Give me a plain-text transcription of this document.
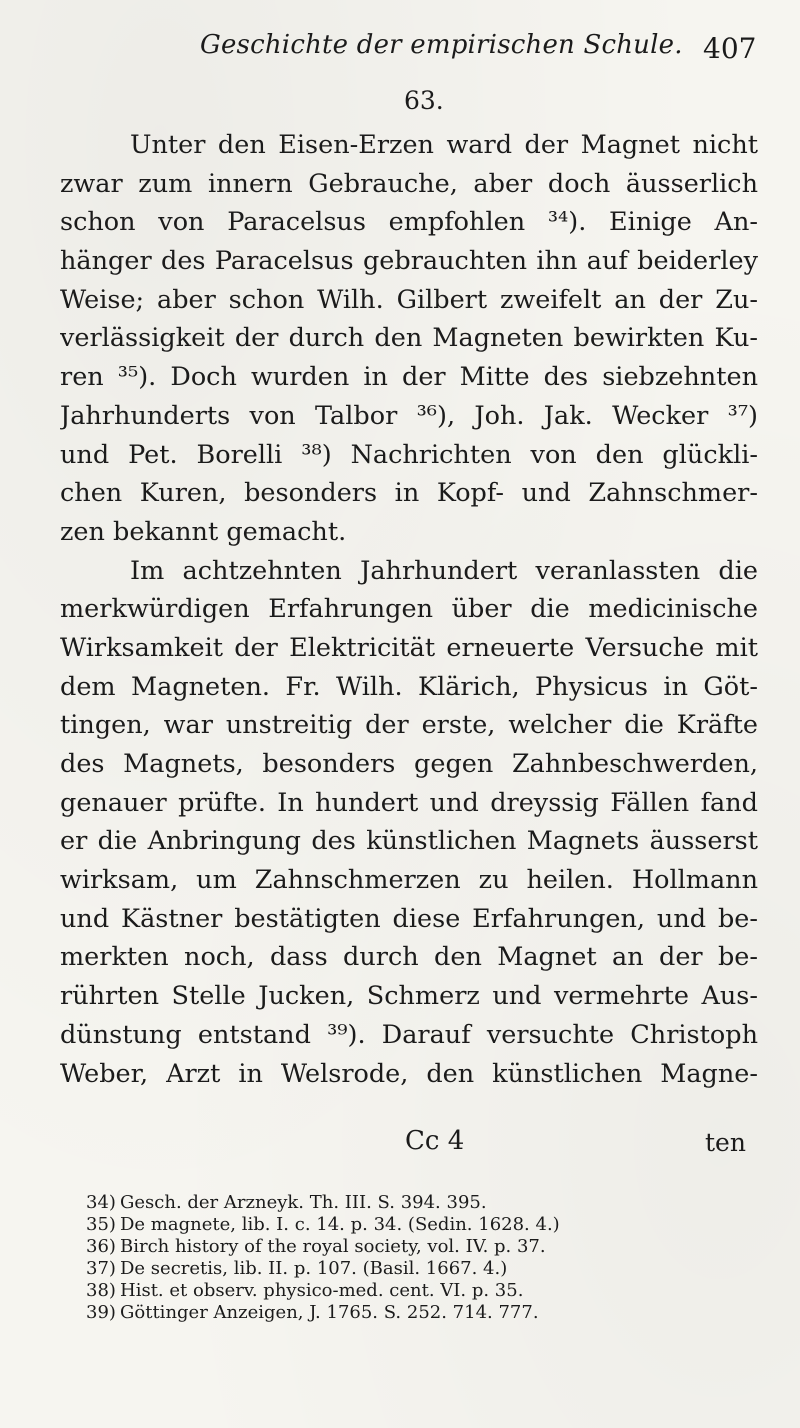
Geschichte der empirischen Schule. 407
63.
Unter den Eisen-Erzen ward der Magnet nicht
zwar zum innern Gebrauche, aber doch äusserlich
schon von Paracelsus empfohlen ³⁴). Einige An-
hänger des Paracelsus gebrauchten ihn auf beiderley
Weise; aber schon Wilh. Gilbert zweifelt an der Zu-
verlässigkeit der durch den Magneten bewirkten Ku-
ren ³⁵). Doch wurden in der Mitte des siebzehnten
Jahrhunderts von Talbor ³⁶), Joh. Jak. Wecker ³⁷)
und Pet. Borelli ³⁸) Nachrichten von den glückli-
chen Kuren, besonders in Kopf- und Zahnschmer-
zen bekannt gemacht.
Im achtzehnten Jahrhundert veranlassten die
merkwürdigen Erfahrungen über die medicinische
Wirksamkeit der Elektricität erneuerte Versuche mit
dem Magneten. Fr. Wilh. Klärich, Physicus in Göt-
tingen, war unstreitig der erste, welcher die Kräfte
des Magnets, besonders gegen Zahnbeschwerden,
genauer prüfte. In hundert und dreyssig Fällen fand
er die Anbringung des künstlichen Magnets äusserst
wirksam, um Zahnschmerzen zu heilen. Hollmann
und Kästner bestätigten diese Erfahrungen, und be-
merkten noch, dass durch den Magnet an der be-
rührten Stelle Jucken, Schmerz und vermehrte Aus-
dünstung entstand ³⁹). Darauf versuchte Christoph
Weber, Arzt in Welsrode, den künstlichen Magne-
Cc 4	ten
34) Gesch. der Arzneyk. Th. III. S. 394. 395.
35) De magnete, lib. I. c. 14. p. 34. (Sedin. 1628. 4.)
36) Birch history of the royal society, vol. IV. p. 37.
37) De secretis, lib. II. p. 107. (Basil. 1667. 4.)
38) Hist. et observ. physico-med. cent. VI. p. 35.
39) Göttinger Anzeigen, J. 1765. S. 252. 714. 777.
